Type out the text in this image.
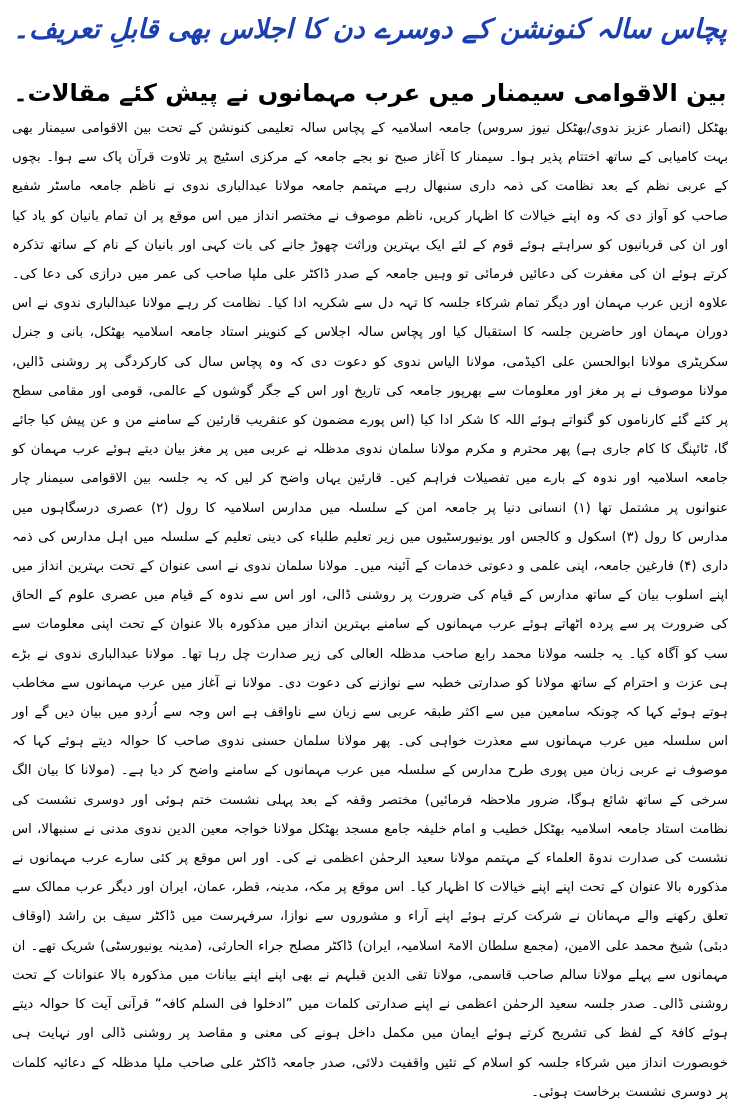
پچاس سالہ کنونشن کے دوسرے دن کا اجلاس بھی قابلِ تعریف۔
بین الاقوامی سیمنار میں عرب مہمانوں نے پیش کئے مقالات۔

بھٹکل (انصار عزیز ندوی/بھٹکل نیوز سروس) جامعہ اسلامیہ کے پچاس سالہ تعلیمی کنونشن کے تحت بین الاقوامی سیمنار بھی بہت کامیابی کے ساتھ اختتام پذیر ہوا۔ سیمنار کا آغاز صبح نو بجے جامعہ کے مرکزی اسٹیج پر تلاوت قرآن پاک سے ہوا۔ بچوں کے عربی نظم کے بعد نظامت کی ذمہ داری سنبھال رہے مہتمم جامعہ مولانا عبدالباری ندوی نے ناظم جامعہ ماسٹر شفیع صاحب کو آواز دی کہ وہ اپنے خیالات کا اظہار کریں، ناظم موصوف نے مختصر انداز میں اس موقع پر ان تمام بانیان کو یاد کیا اور ان کی قربانیوں کو سراہتے ہوئے قوم کے لئے ایک بہترین وراثت چھوڑ جانے کی بات کہی اور بانیان کے نام کے ساتھ تذکرہ کرتے ہوئے ان کی مغفرت کی دعائیں فرمائی تو وہیں جامعہ کے صدر ڈاکٹر علی ملپا صاحب کی عمر میں درازی کی دعا کی۔ علاوہ ازیں عرب مہمان اور دیگر تمام شرکاء جلسہ کا تہہ دل سے شکریہ ادا کیا۔ نظامت کر رہے مولانا عبدالباری ندوی نے اس دوران مہمان اور حاضرین جلسہ کا استقبال کیا اور پچاس سالہ اجلاس کے کنوینر استاد جامعہ اسلامیہ بھٹکل، بانی و جنرل سکریٹری مولانا ابوالحسن علی اکیڈمی، مولانا الیاس ندوی کو دعوت دی کہ وہ پچاس سال کی کارکردگی پر روشنی ڈالیں، مولانا موصوف نے پر مغز اور معلومات سے بھرپور جامعہ کی تاریخ اور اس کے جگر گوشوں کے عالمی، قومی اور مقامی سطح پر کئے گئے کارناموں کو گنواتے ہوئے اللہ کا شکر ادا کیا (اس پورے مضمون کو عنقریب قارئین کے سامنے من و عن پیش کیا جائے گا، ٹائپنگ کا کام جاری ہے) پھر محترم و مکرم مولانا سلمان ندوی مدظلہ نے عربی میں پر مغز بیان دیتے ہوئے عرب مہمان کو جامعہ اسلامیہ اور ندوہ کے بارے میں تفصیلات فراہم کیں۔ قارئین یہاں واضح کر لیں کہ یہ جلسہ بین الاقوامی سیمنار چار عنوانوں پر مشتمل تھا (۱) انسانی دنیا پر جامعہ امن کے سلسلہ میں مدارس اسلامیہ کا رول (۲) عصری درسگاہوں میں مدارس کا رول (۳) اسکول و کالجس اور یونیورسٹیوں میں زیر تعلیم طلباء کی دینی تعلیم کے سلسلہ میں اہل مدارس کی ذمہ داری (۴) فارغین جامعہ، اپنی علمی و دعوتی خدمات کے آئینہ میں۔ مولانا سلمان ندوی نے اسی عنوان کے تحت بہترین انداز میں اپنے اسلوب بیان کے ساتھ مدارس کے قیام کی ضرورت پر روشنی ڈالی، اور اس سے ندوہ کے قیام میں عصری علوم کے الحاق کی ضرورت پر سے پردہ اٹھاتے ہوئے عرب مہمانوں کے سامنے بہترین انداز میں مذکورہ بالا عنوان کے تحت اپنی معلومات سے سب کو آگاہ کیا۔ یہ جلسہ مولانا محمد رابع صاحب مدظلہ العالی کی زیر صدارت چل رہا تھا۔ مولانا عبدالباری ندوی نے بڑے ہی عزت و احترام کے ساتھ مولانا کو صدارتی خطبہ سے نوازنے کی دعوت دی۔ مولانا نے آغاز میں عرب مہمانوں سے مخاطب ہوتے ہوئے کہا کہ چونکہ سامعین میں سے اکثر طبقہ عربی سے زبان سے ناواقف ہے اس وجہ سے اُردو میں بیان دیں گے اور اس سلسلہ میں عرب مہمانوں سے معذرت خواہی کی۔ پھر مولانا سلمان حسنی ندوی صاحب کا حوالہ دیتے ہوئے کہا کہ موصوف نے عربی زبان میں پوری طرح مدارس کے سلسلہ میں عرب مہمانوں کے سامنے واضح کر دیا ہے۔ (مولانا کا بیان الگ سرخی کے ساتھ شائع ہوگا، ضرور ملاحظہ فرمائیں) مختصر وقفہ کے بعد پہلی نشست ختم ہوئی اور دوسری نشست کی نظامت استاد جامعہ اسلامیہ بھٹکل خطیب و امام خلیفہ جامع مسجد بھٹکل مولانا خواجہ معین الدین ندوی مدنی نے سنبھالا، اس نشست کی صدارت ندوۃ العلماء کے مہتمم مولانا سعید الرحمٰن اعظمی نے کی۔ اور اس موقع پر کئی سارے عرب مہمانوں نے مذکورہ بالا عنوان کے تحت اپنے اپنے خیالات کا اظہار کیا۔ اس موقع پر مکہ، مدینہ، قطر، عمان، ایران اور دیگر عرب ممالک سے تعلق رکھنے والے مہمانان نے شرکت کرتے ہوئے اپنے آراء و مشوروں سے نوازا، سرفہرست میں ڈاکٹر سیف بن راشد (اوقاف دبئی) شیخ محمد علی الامین، (مجمع سلطان الامۃ اسلامیہ، ایران) ڈاکٹر مصلح جراء الحارثی، (مدینہ یونیورسٹی) شریک تھے۔ ان مہمانوں سے پہلے مولانا سالم صاحب قاسمی، مولانا تقی الدین قبلہم نے بھی اپنے اپنے بیانات میں مذکورہ بالا عنوانات کے تحت روشنی ڈالی۔ صدر جلسہ سعید الرحمٰن اعظمی نے اپنے صدارتی کلمات میں ”ادخلوا فی السلم کافہ“ قرآنی آیت کا حوالہ دیتے ہوئے کافۃ کے لفظ کی تشریح کرتے ہوئے ایمان میں مکمل داخل ہونے کی معنی و مقاصد پر روشنی ڈالی اور نہایت ہی خوبصورت انداز میں شرکاء جلسہ کو اسلام کے تئیں واقفیت دلائی، صدر جامعہ ڈاکٹر علی صاحب ملپا مدظلہ کے دعائیہ کلمات پر دوسری نشست برخاست ہوئی۔
